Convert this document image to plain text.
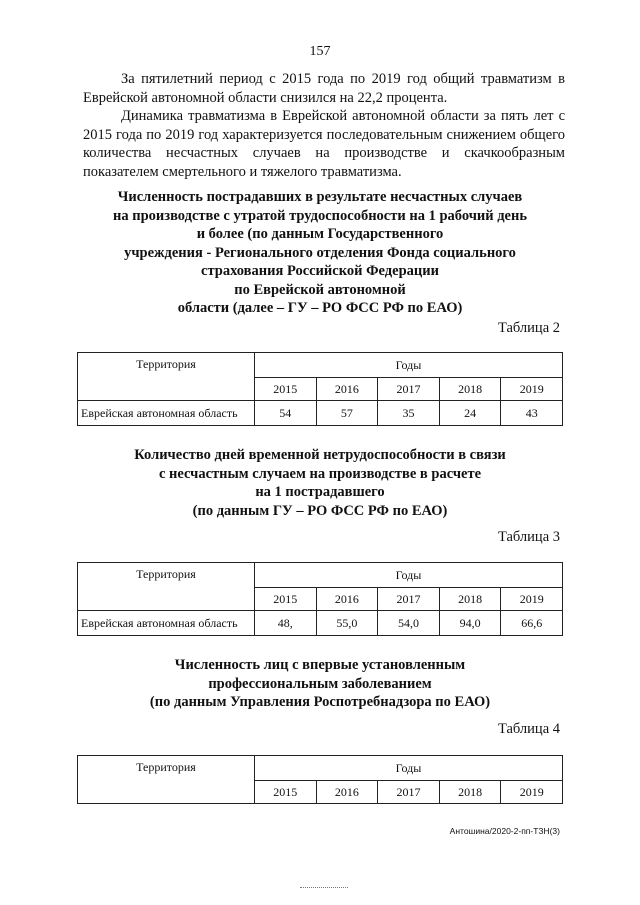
157

За пятилетний период с 2015 года по 2019 год общий травматизм в Еврейской автономной области снизился на 22,2 процента.

Динамика травматизма в Еврейской автономной области за пять лет с 2015 года по 2019 год характеризуется последовательным снижением общего количества несчастных случаев на производстве и скачкообразным показателем смертельного и тяжелого травматизма.

Численность пострадавших в результате несчастных случаев
на производстве с утратой трудоспособности на 1 рабочий день
и более (по данным Государственного
учреждения - Регионального отделения Фонда социального
страхования Российской Федерации
по Еврейской автономной
области (далее – ГУ – РО ФСС РФ по ЕАО)
Таблица 2
Территория	Годы				
	2015	2016	2017	2018	2019
Еврейская автономная область	54	57	35	24	43
Количество дней временной нетрудоспособности в связи
с несчастным случаем на производстве в расчете
на 1 пострадавшего
(по данным ГУ – РО ФСС РФ по ЕАО)
Таблица 3
Территория	Годы				
	2015	2016	2017	2018	2019
Еврейская автономная область	48,	55,0	54,0	94,0	66,6
Численность лиц с впервые установленным
профессиональным заболеванием
(по данным Управления Роспотребнадзора по ЕАО)
Таблица 4
Территория	Годы				
	2015	2016	2017	2018	2019
Антошина/2020-2-пп-ТЗН(3)
